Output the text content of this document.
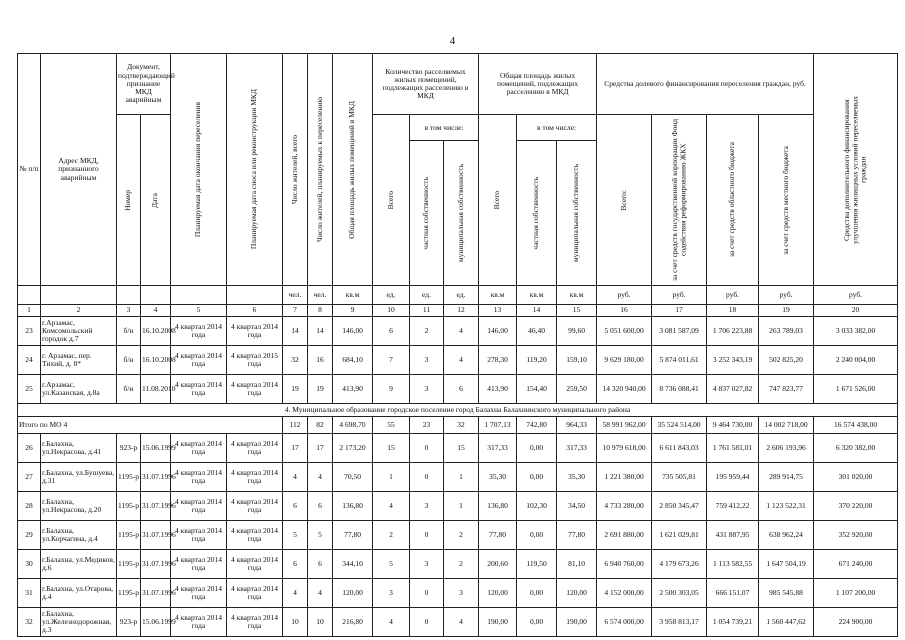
4
№ п/п	Адрес МКД, признанного аварийным	Документ, подтверждающий признание МКД аварийным		Планируемая дата окончания переселения	Планируемая дата сноса или реконструкции МКД	Число жителей, всего	Число жителей, планируемых к переселению	Общая площадь жилых помещений в МКД	Количество расселяемых жилых помещений, подлежащих расселению в МКД			Общая площадь жилых помещений, подлежащих расселению в МКД			Средства долевого финансирования переселения граждан, руб.				Средства дополнительного финансирования улучшения жилищных условий переселяемых граждан

		Номер	Дата						Всего	в том числе:		Всего	в том числе:		Всего:	за счет средств государственной корпорации Фонд содействия реформированию ЖКХ	за счет средств областного бюджета	за счет средств местного бюджета	

										частная собственность	муниципальная собственность		частная собственность	муниципальная собственность					

						чел.	чел.	кв.м	ед.	ед.	ед.	кв.м	кв.м	кв.м	руб.	руб.	руб.	руб.	руб.
1	2	3	4	5	6	7	8	9	10	11	12	13	14	15	16	17	18	19	20
23	г.Арзамас, Комсомольский городок д.7	б/н	16.10.2008	4 квартал 2014 года	4 квартал 2014 года	14	14	146,00	6	2	4	146,00	46,40	99,60	5 051 600,00	3 081 587,09	1 706 223,88	263 789,03	3 033 382,00
24	г. Арзамас, пер. Тихий, д. 8*	б/н	16.10.2008	4 квартал 2014 года	4 квартал 2015 года	32	16	684,10	7	3	4	278,30	119,20	159,10	9 629 180,00	5 874 011,61	3 252 343,19	502 825,20	2 240 004,00
25	г.Арзамас, ул.Казанская, д.8а	б/н	11.08.2010	4 квартал 2014 года	4 квартал 2014 года	19	19	413,90	9	3	6	413,90	154,40	259,50	14 320 940,00	8 736 088,41	4 837 027,82	747 823,77	1 671 526,00
4. Муниципальное образование городское поселение город Балахна Балахнинского муниципального района																			
Итого по МО 4						112	82	4 698,70	55	23	32	1 707,13	742,80	964,33	58 991 962,00	35 524 514,00	9 464 730,00	14 002 718,00	16 574 438,00
26	г.Балахна, ул.Некрасова, д.41	923-р	15.06.1999	4 квартал 2014 года	4 квартал 2014 года	17	17	2 173,20	15	0	15	317,33	0,00	317,33	10 979 618,00	6 611 843,03	1 761 581,01	2 606 193,96	6 320 382,00
27	г.Балахна, ул.Бушуева, д.31	1195-р	31.07.1996	4 квартал 2014 года	4 квартал 2014 года	4	4	70,50	1	0	1	35,30	0,00	35,30	1 221 380,00	735 505,81	195 959,44	289 914,75	301 020,00
28	г.Балахна, ул.Некрасова, д.20	1195-р	31.07.1996	4 квартал 2014 года	4 квартал 2014 года	6	6	136,80	4	3	1	136,80	102,30	34,50	4 733 280,00	2 850 345,47	759 412,22	1 123 522,31	370 220,00
29	г.Балахна, ул.Корчагина, д.4	1195-р	31.07.1996	4 квартал 2014 года	4 квартал 2014 года	5	5	77,80	2	0	2	77,80	0,00	77,80	2 691 880,00	1 621 029,81	431 887,95	638 962,24	352 920,00
30	г.Балахна, ул.Медиков, д.6	1195-р	31.07.1996	4 квартал 2014 года	4 квартал 2014 года	6	6	344,10	5	3	2	200,60	119,50	81,10	6 940 760,00	4 179 673,26	1 113 582,55	1 647 504,19	671 240,00
31	г.Балахна, ул.Отарова, д.4	1195-р	31.07.1996	4 квартал 2014 года	4 квартал 2014 года	4	4	120,00	3	0	3	120,00	0,00	120,00	4 152 000,00	2 500 303,05	666 151,07	985 545,88	1 107 200,00
32	г.Балахна, ул.Железнодорожная, д.3	923-р	15.06.1999	4 квартал 2014 года	4 квартал 2014 года	10	10	216,80	4	0	4	190,00	0,00	190,00	6 574 000,00	3 958 813,17	1 054 739,21	1 560 447,62	224 900,00
